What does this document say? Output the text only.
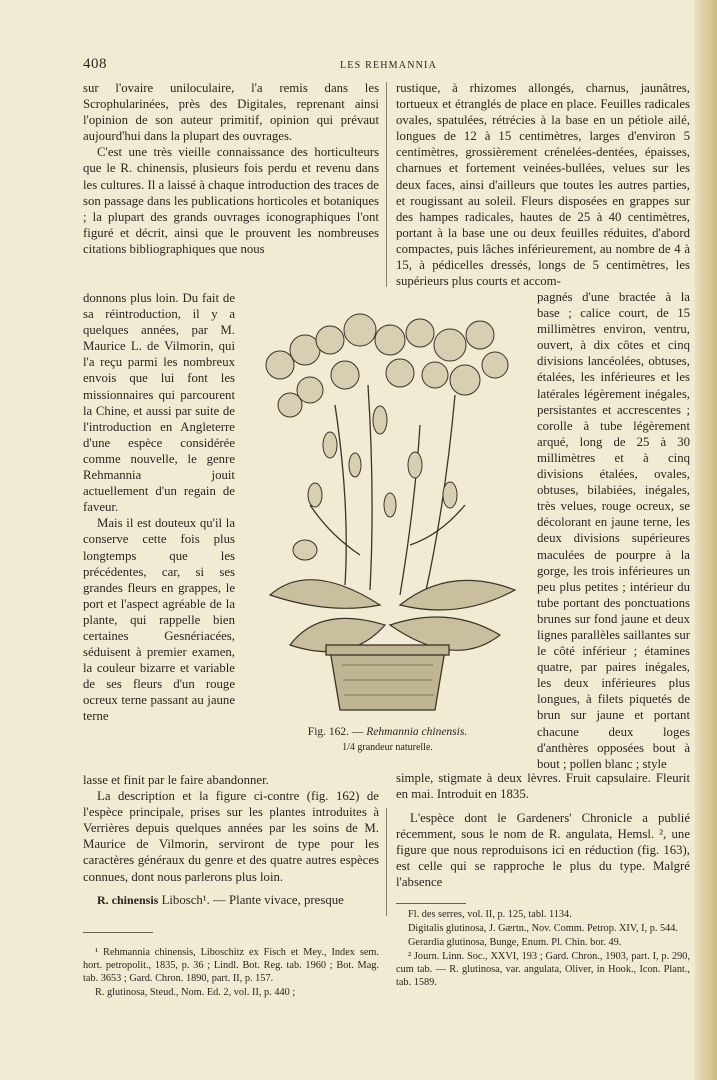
408	LES REHMANNIA

sur l'ovaire uniloculaire, l'a remis dans les Scrophularinées, près des Digitales, reprenant ainsi l'opinion de son auteur primitif, opinion qui prévaut aujourd'hui dans la plupart des ouvrages.

C'est une très vieille connaissance des horticulteurs que le R. chinensis, plusieurs fois perdu et revenu dans les cultures. Il a laissé à chaque introduction des traces de son passage dans les publications horticoles et botaniques ; la plupart des grands ouvrages iconographiques l'ont figuré et décrit, ainsi que le prouvent les nombreuses citations bibliographiques que nous

donnons plus loin. Du fait de sa réintroduction, il y a quelques années, par M. Maurice L. de Vilmorin, qui l'a reçu parmi les nombreux envois que lui font les missionnaires qui parcourent la Chine, et aussi par suite de l'introduction en Angleterre d'une espèce considérée comme nouvelle, le genre Rehmannia jouit actuellement d'un regain de faveur.

Mais il est douteux qu'il la conserve cette fois plus longtemps que les précédentes, car, si ses grandes fleurs en grappes, le port et l'aspect agréable de la plante, qui rappelle bien certaines Gesnériacées, séduisent à premier examen, la couleur bizarre et variable de ses fleurs d'un rouge ocreux terne passant au jaune terne

lasse et finit par le faire abandonner.

La description et la figure ci-contre (fig. 162) de l'espèce principale, prises sur les plantes introduites à Verrières depuis quelques années par les soins de M. Maurice de Vilmorin, serviront de type pour les caractères généraux du genre et des quatre autres espèces connues, dont nous parlerons plus loin.

R. chinensis Libosch¹. — Plante vivace, presque

rustique, à rhizomes allongés, charnus, jaunâtres, tortueux et étranglés de place en place. Feuilles radicales ovales, spatulées, rétrécies à la base en un pétiole ailé, longues de 12 à 15 centimètres, larges d'environ 5 centimètres, grossièrement crénelées-dentées, épaisses, charnues et fortement veinées-bullées, velues sur les deux faces, ainsi d'ailleurs que toutes les autres parties, et rougissant au soleil. Fleurs disposées en grappes sur des hampes radicales, hautes de 25 à 40 centimètres, portant à la base une ou deux feuilles réduites, d'abord compactes, puis lâches inférieurement, au nombre de 4 à 15, à pédicelles dressés, longs de 5 centimètres, les supérieurs plus courts et accom-

pagnés d'une bractée à la base ; calice court, de 15 millimètres environ, ventru, ouvert, à dix côtes et cinq divisions lancéolées, obtuses, étalées, les inférieures et les latérales légèrement inégales, persistantes et accrescentes ; corolle à tube légèrement arqué, long de 25 à 30 millimètres et à cinq divisions étalées, ovales, obtuses, bilabiées, inégales, très velues, rouge ocreux, se décolorant en jaune terne, les deux divisions supérieures maculées de pourpre à la gorge, les trois inférieures un peu plus petites ; intérieur du tube portant des ponctuations brunes sur fond jaune et deux lignes parallèles saillantes sur le côté inférieur ; étamines quatre, par paires inégales, les deux inférieures plus longues, à filets piquetés de brun sur jaune et portant chacune deux loges d'anthères opposées bout à bout ; pollen blanc ; style

simple, stigmate à deux lèvres. Fruit capsulaire. Fleurit en mai. Introduit en 1835.

L'espèce dont le Gardeners' Chronicle a publié récemment, sous le nom de R. angulata, Hemsl. ², une figure que nous reproduisons ici en réduction (fig. 163), est celle qui se rapproche le plus du type. Malgré l'absence

Fig. 162. — Rehmannia chinensis.
1/4 grandeur naturelle.

¹ Rehmannia chinensis, Liboschitz ex Fisch et Mey., Index sem. hort. petropolit., 1835, p. 36 ; Lindl. Bot. Reg. tab. 1960 ; Bot. Mag. tab. 3653 ; Gard. Chron. 1890, part. II, p. 157.

R. glutinosa, Steud., Nom. Ed. 2, vol. II, p. 440 ;

Fl. des serres, vol. II, p. 125, tabl. 1134.

Digitalis glutinosa, J. Gærtn., Nov. Comm. Petrop. XIV, I, p. 544.

Gerardia glutinosa, Bunge, Enum. Pl. Chin. bor. 49.

² Journ. Linn. Soc., XXVI, 193 ; Gard. Chron., 1903, part. I, p. 290, cum tab. — R. glutinosa, var. angulata, Oliver, in Hook., Icon. Plant., tab. 1589.
